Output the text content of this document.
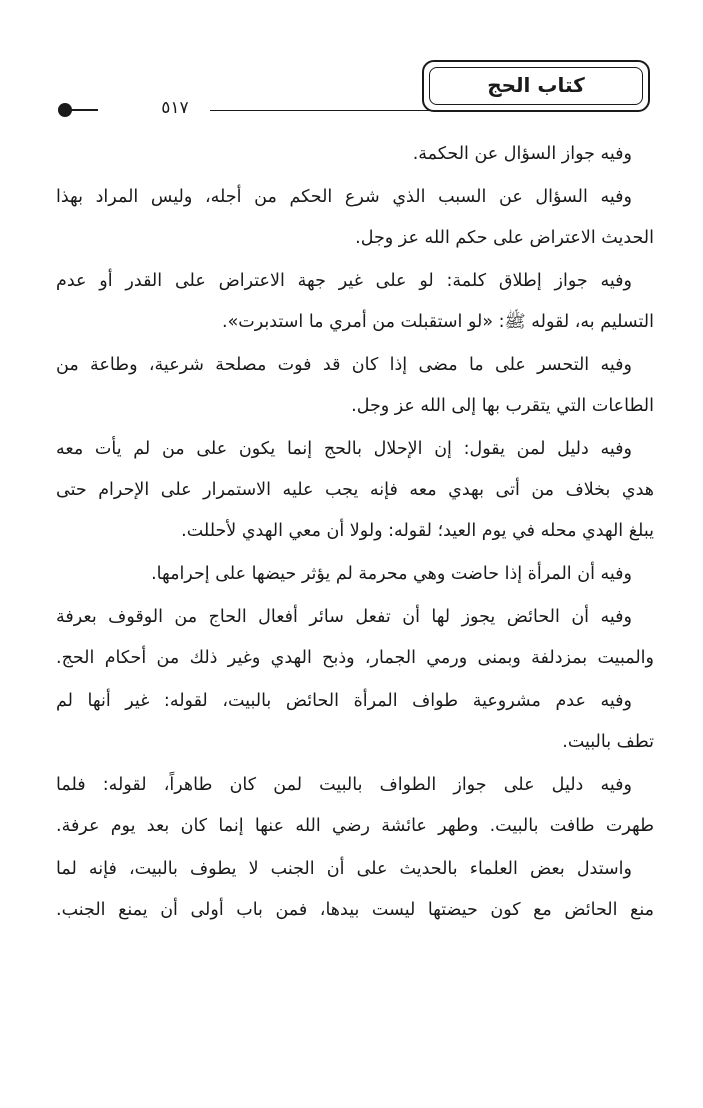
٥١٧
كتاب الحج
وفيه جواز السؤال عن الحكمة.
وفيه السؤال عن السبب الذي شرع الحكم من أجله، وليس المراد بهذا
الحديث الاعتراض على حكم الله عز وجل.
وفيه جواز إطلاق كلمة: لو على غير جهة الاعتراض على القدر أو عدم
التسليم به، لقوله ﷺ: «لو استقبلت من أمري ما استدبرت».
وفيه التحسر على ما مضى إذا كان قد فوت مصلحة شرعية، وطاعة من
الطاعات التي يتقرب بها إلى الله عز وجل.
وفيه دليل لمن يقول: إن الإحلال بالحج إنما يكون على من لم يأت معه
هدي بخلاف من أتى بهدي معه فإنه يجب عليه الاستمرار على الإحرام حتى
يبلغ الهدي محله في يوم العيد؛ لقوله: ولولا أن معي الهدي لأحللت.
وفيه أن المرأة إذا حاضت وهي محرمة لم يؤثر حيضها على إحرامها.
وفيه أن الحائض يجوز لها أن تفعل سائر أفعال الحاج من الوقوف بعرفة
والمبيت بمزدلفة وبمنى ورمي الجمار، وذبح الهدي وغير ذلك من أحكام الحج.
وفيه عدم مشروعية طواف المرأة الحائض بالبيت، لقوله: غير أنها لم
تطف بالبيت.
وفيه دليل على جواز الطواف بالبيت لمن كان طاهراً، لقوله: فلما
طهرت طافت بالبيت. وطهر عائشة رضي الله عنها إنما كان بعد يوم عرفة.
واستدل بعض العلماء بالحديث على أن الجنب لا يطوف بالبيت، فإنه لما
منع الحائض مع كون حيضتها ليست بيدها، فمن باب أولى أن يمنع الجنب.
